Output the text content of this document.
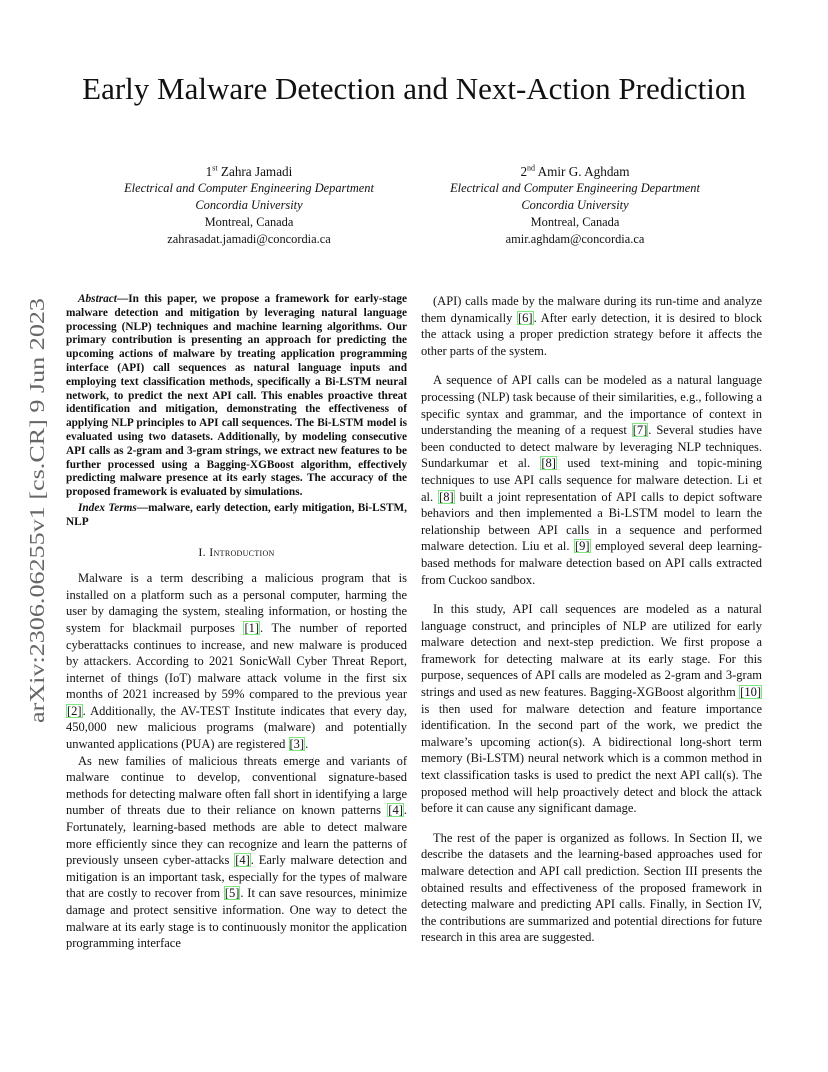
Early Malware Detection and Next-Action Prediction
1st Zahra Jamadi
Electrical and Computer Engineering Department
Concordia University
Montreal, Canada
zahrasadat.jamadi@concordia.ca
2nd Amir G. Aghdam
Electrical and Computer Engineering Department
Concordia University
Montreal, Canada
amir.aghdam@concordia.ca
arXiv:2306.06255v1 [cs.CR] 9 Jun 2023

Abstract—In this paper, we propose a framework for early-stage malware detection and mitigation by leveraging natural language processing (NLP) techniques and machine learning algorithms. Our primary contribution is presenting an approach for predicting the upcoming actions of malware by treating application programming interface (API) call sequences as natural language inputs and employing text classification methods, specifically a Bi-LSTM neural network, to predict the next API call. This enables proactive threat identification and mitigation, demonstrating the effectiveness of applying NLP principles to API call sequences. The Bi-LSTM model is evaluated using two datasets. Additionally, by modeling consecutive API calls as 2-gram and 3-gram strings, we extract new features to be further processed using a Bagging-XGBoost algorithm, effectively predicting malware presence at its early stages. The accuracy of the proposed framework is evaluated by simulations.

Index Terms—malware, early detection, early mitigation, Bi-LSTM, NLP

I. Introduction

Malware is a term describing a malicious program that is installed on a platform such as a personal computer, harming the user by damaging the system, stealing information, or hosting the system for blackmail purposes [1]. The number of reported cyberattacks continues to increase, and new malware is produced by attackers. According to 2021 SonicWall Cyber Threat Report, internet of things (IoT) malware attack volume in the first six months of 2021 increased by 59% compared to the previous year [2]. Additionally, the AV-TEST Institute indicates that every day, 450,000 new malicious programs (malware) and potentially unwanted applications (PUA) are registered [3].

As new families of malicious threats emerge and variants of malware continue to develop, conventional signature-based methods for detecting malware often fall short in identifying a large number of threats due to their reliance on known patterns [4]. Fortunately, learning-based methods are able to detect malware more efficiently since they can recognize and learn the patterns of previously unseen cyber-attacks [4]. Early malware detection and mitigation is an important task, especially for the types of malware that are costly to recover from [5]. It can save resources, minimize damage and protect sensitive information. One way to detect the malware at its early stage is to continuously monitor the application programming interface

(API) calls made by the malware during its run-time and analyze them dynamically [6]. After early detection, it is desired to block the attack using a proper prediction strategy before it affects the other parts of the system.

A sequence of API calls can be modeled as a natural language processing (NLP) task because of their similarities, e.g., following a specific syntax and grammar, and the importance of context in understanding the meaning of a request [7]. Several studies have been conducted to detect malware by leveraging NLP techniques. Sundarkumar et al. [8] used text-mining and topic-mining techniques to use API calls sequence for malware detection. Li et al. [8] built a joint representation of API calls to depict software behaviors and then implemented a Bi-LSTM model to learn the relationship between API calls in a sequence and performed malware detection. Liu et al. [9] employed several deep learning-based methods for malware detection based on API calls extracted from Cuckoo sandbox.

In this study, API call sequences are modeled as a natural language construct, and principles of NLP are utilized for early malware detection and next-step prediction. We first propose a framework for detecting malware at its early stage. For this purpose, sequences of API calls are modeled as 2-gram and 3-gram strings and used as new features. Bagging-XGBoost algorithm [10] is then used for malware detection and feature importance identification. In the second part of the work, we predict the malware’s upcoming action(s). A bidirectional long-short term memory (Bi-LSTM) neural network which is a common method in text classification tasks is used to predict the next API call(s). The proposed method will help proactively detect and block the attack before it can cause any significant damage.

The rest of the paper is organized as follows. In Section II, we describe the datasets and the learning-based approaches used for malware detection and API call prediction. Section III presents the obtained results and effectiveness of the proposed framework in detecting malware and predicting API calls. Finally, in Section IV, the contributions are summarized and potential directions for future research in this area are suggested.
